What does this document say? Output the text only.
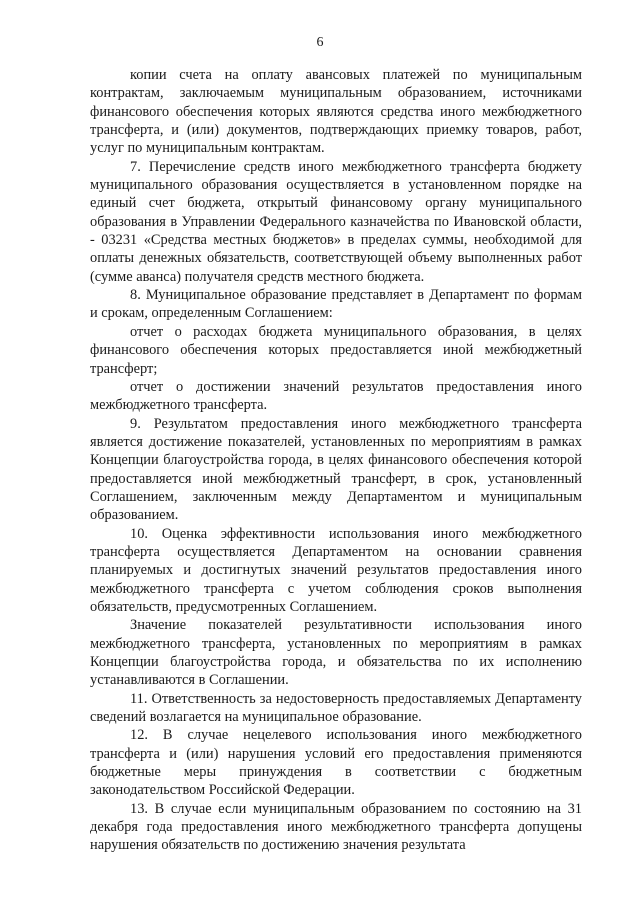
6

копии счета на оплату авансовых платежей по муниципальным контрактам, заключаемым муниципальным образованием, источниками финансового обеспечения которых являются средства иного межбюджетного трансферта, и (или) документов, подтверждающих приемку товаров, работ, услуг по муниципальным контрактам.

7. Перечисление средств иного межбюджетного трансферта бюджету муниципального образования осуществляется в установленном порядке на единый счет бюджета, открытый финансовому органу муниципального образования в Управлении Федерального казначейства по Ивановской области, - 03231 «Средства местных бюджетов» в пределах суммы, необходимой для оплаты денежных обязательств, соответствующей объему выполненных работ (сумме аванса) получателя средств местного бюджета.

8. Муниципальное образование представляет в Департамент по формам и срокам, определенным Соглашением:

отчет о расходах бюджета муниципального образования, в целях финансового обеспечения которых предоставляется иной межбюджетный трансферт;

отчет о достижении значений результатов предоставления иного межбюджетного трансферта.

9. Результатом предоставления иного межбюджетного трансферта является достижение показателей, установленных по мероприятиям в рамках Концепции благоустройства города, в целях финансового обеспечения которой предоставляется иной межбюджетный трансферт, в срок, установленный Соглашением, заключенным между Департаментом и муниципальным образованием.

10. Оценка эффективности использования иного межбюджетного трансферта осуществляется Департаментом на основании сравнения планируемых и достигнутых значений результатов предоставления иного межбюджетного трансферта с учетом соблюдения сроков выполнения обязательств, предусмотренных Соглашением.

Значение показателей результативности использования иного межбюджетного трансферта, установленных по мероприятиям в рамках Концепции благоустройства города, и обязательства по их исполнению устанавливаются в Соглашении.

11. Ответственность за недостоверность предоставляемых Департаменту сведений возлагается на муниципальное образование.

12. В случае нецелевого использования иного межбюджетного трансферта и (или) нарушения условий его предоставления применяются бюджетные меры принуждения в соответствии с бюджетным законодательством Российской Федерации.

13. В случае если муниципальным образованием по состоянию на 31 декабря года предоставления иного межбюджетного трансферта допущены нарушения обязательств по достижению значения результата
